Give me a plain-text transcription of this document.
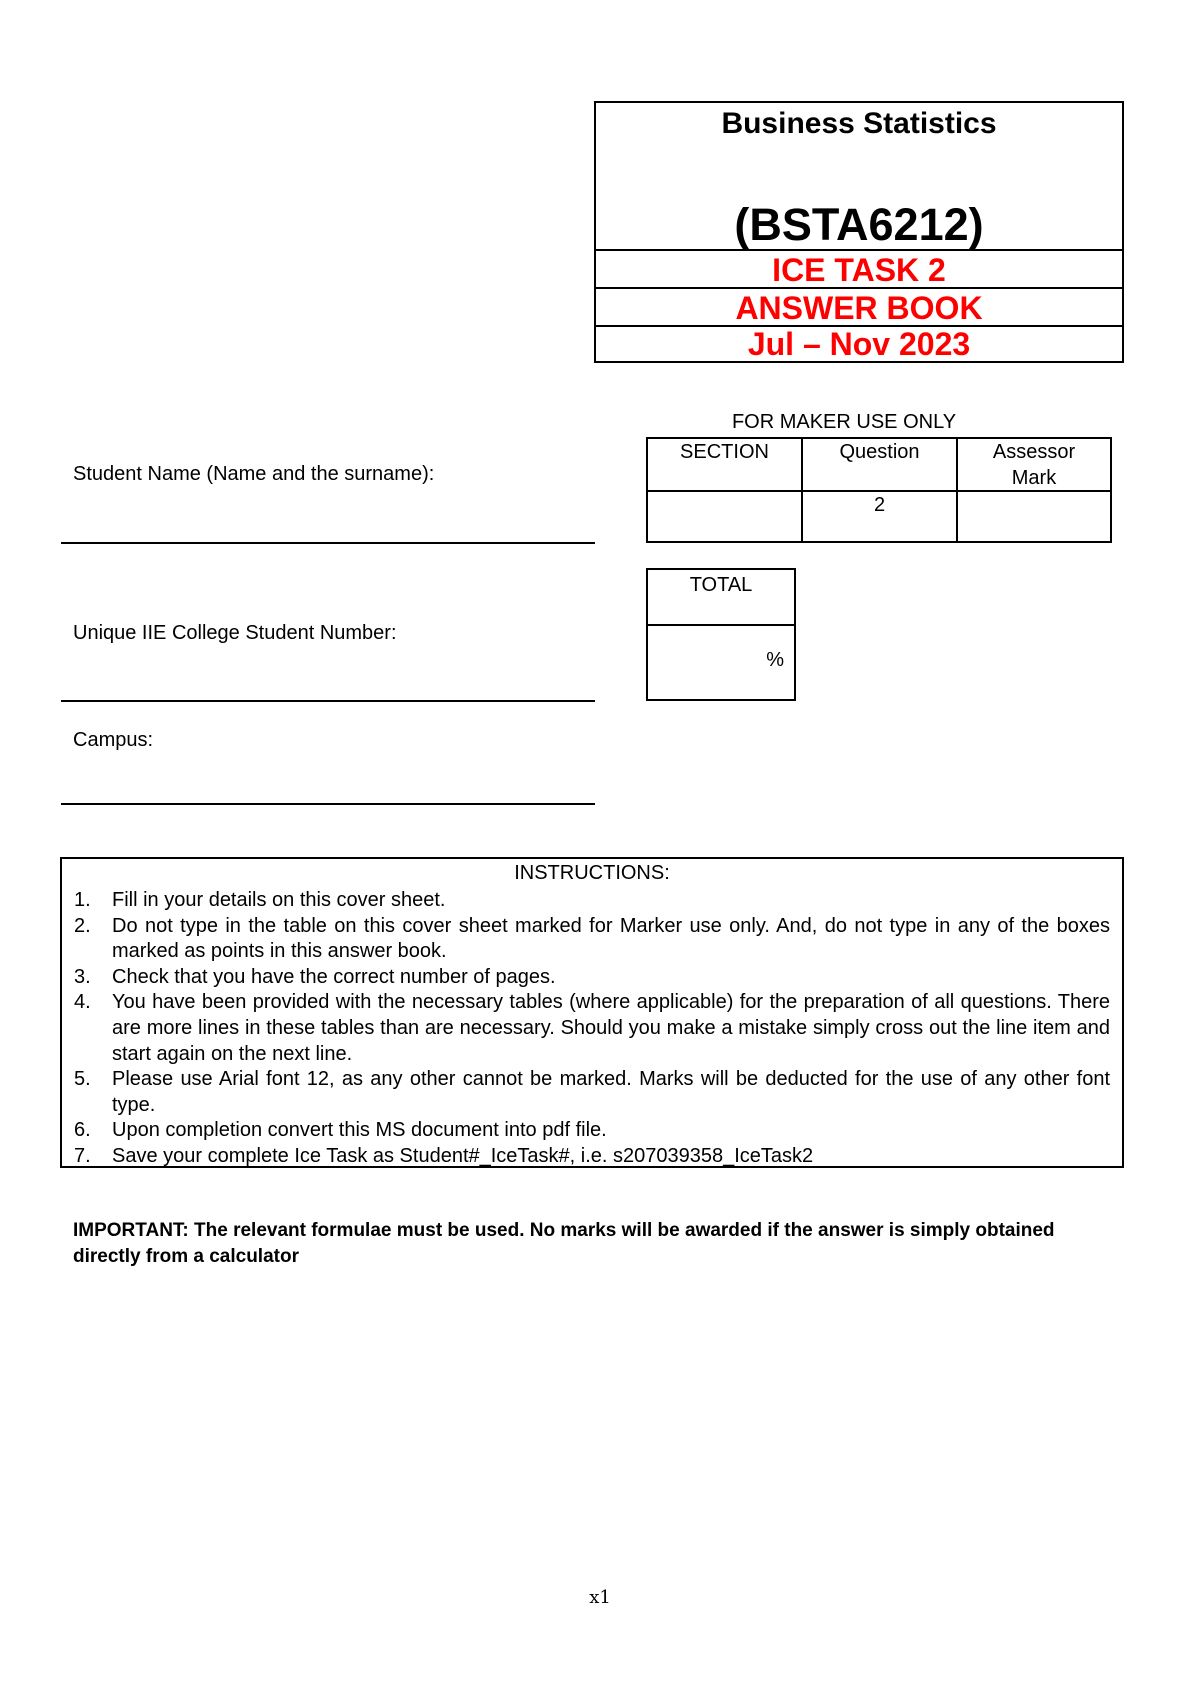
Business Statistics
(BSTA6212)
ICE TASK 2
ANSWER BOOK
Jul – Nov 2023
Student Name (Name and the surname):
Unique IIE College Student Number:
Campus:
FOR MAKER USE ONLY
SECTION	Question	Assessor Mark
2
TOTAL
%
INSTRUCTIONS:
1. Fill in your details on this cover sheet.
2. Do not type in the table on this cover sheet marked for Marker use only. And, do not type in any of the boxes marked as points in this answer book.
3. Check that you have the correct number of pages.
4. You have been provided with the necessary tables (where applicable) for the preparation of all questions. There are more lines in these tables than are necessary. Should you make a mistake simply cross out the line item and start again on the next line.
5. Please use Arial font 12, as any other cannot be marked. Marks will be deducted for the use of any other font type.
6. Upon completion convert this MS document into pdf file.
7. Save your complete Ice Task as Student#_IceTask#, i.e. s207039358_IceTask2
IMPORTANT: The relevant formulae must be used. No marks will be awarded if the answer is simply obtained directly from a calculator
x1
